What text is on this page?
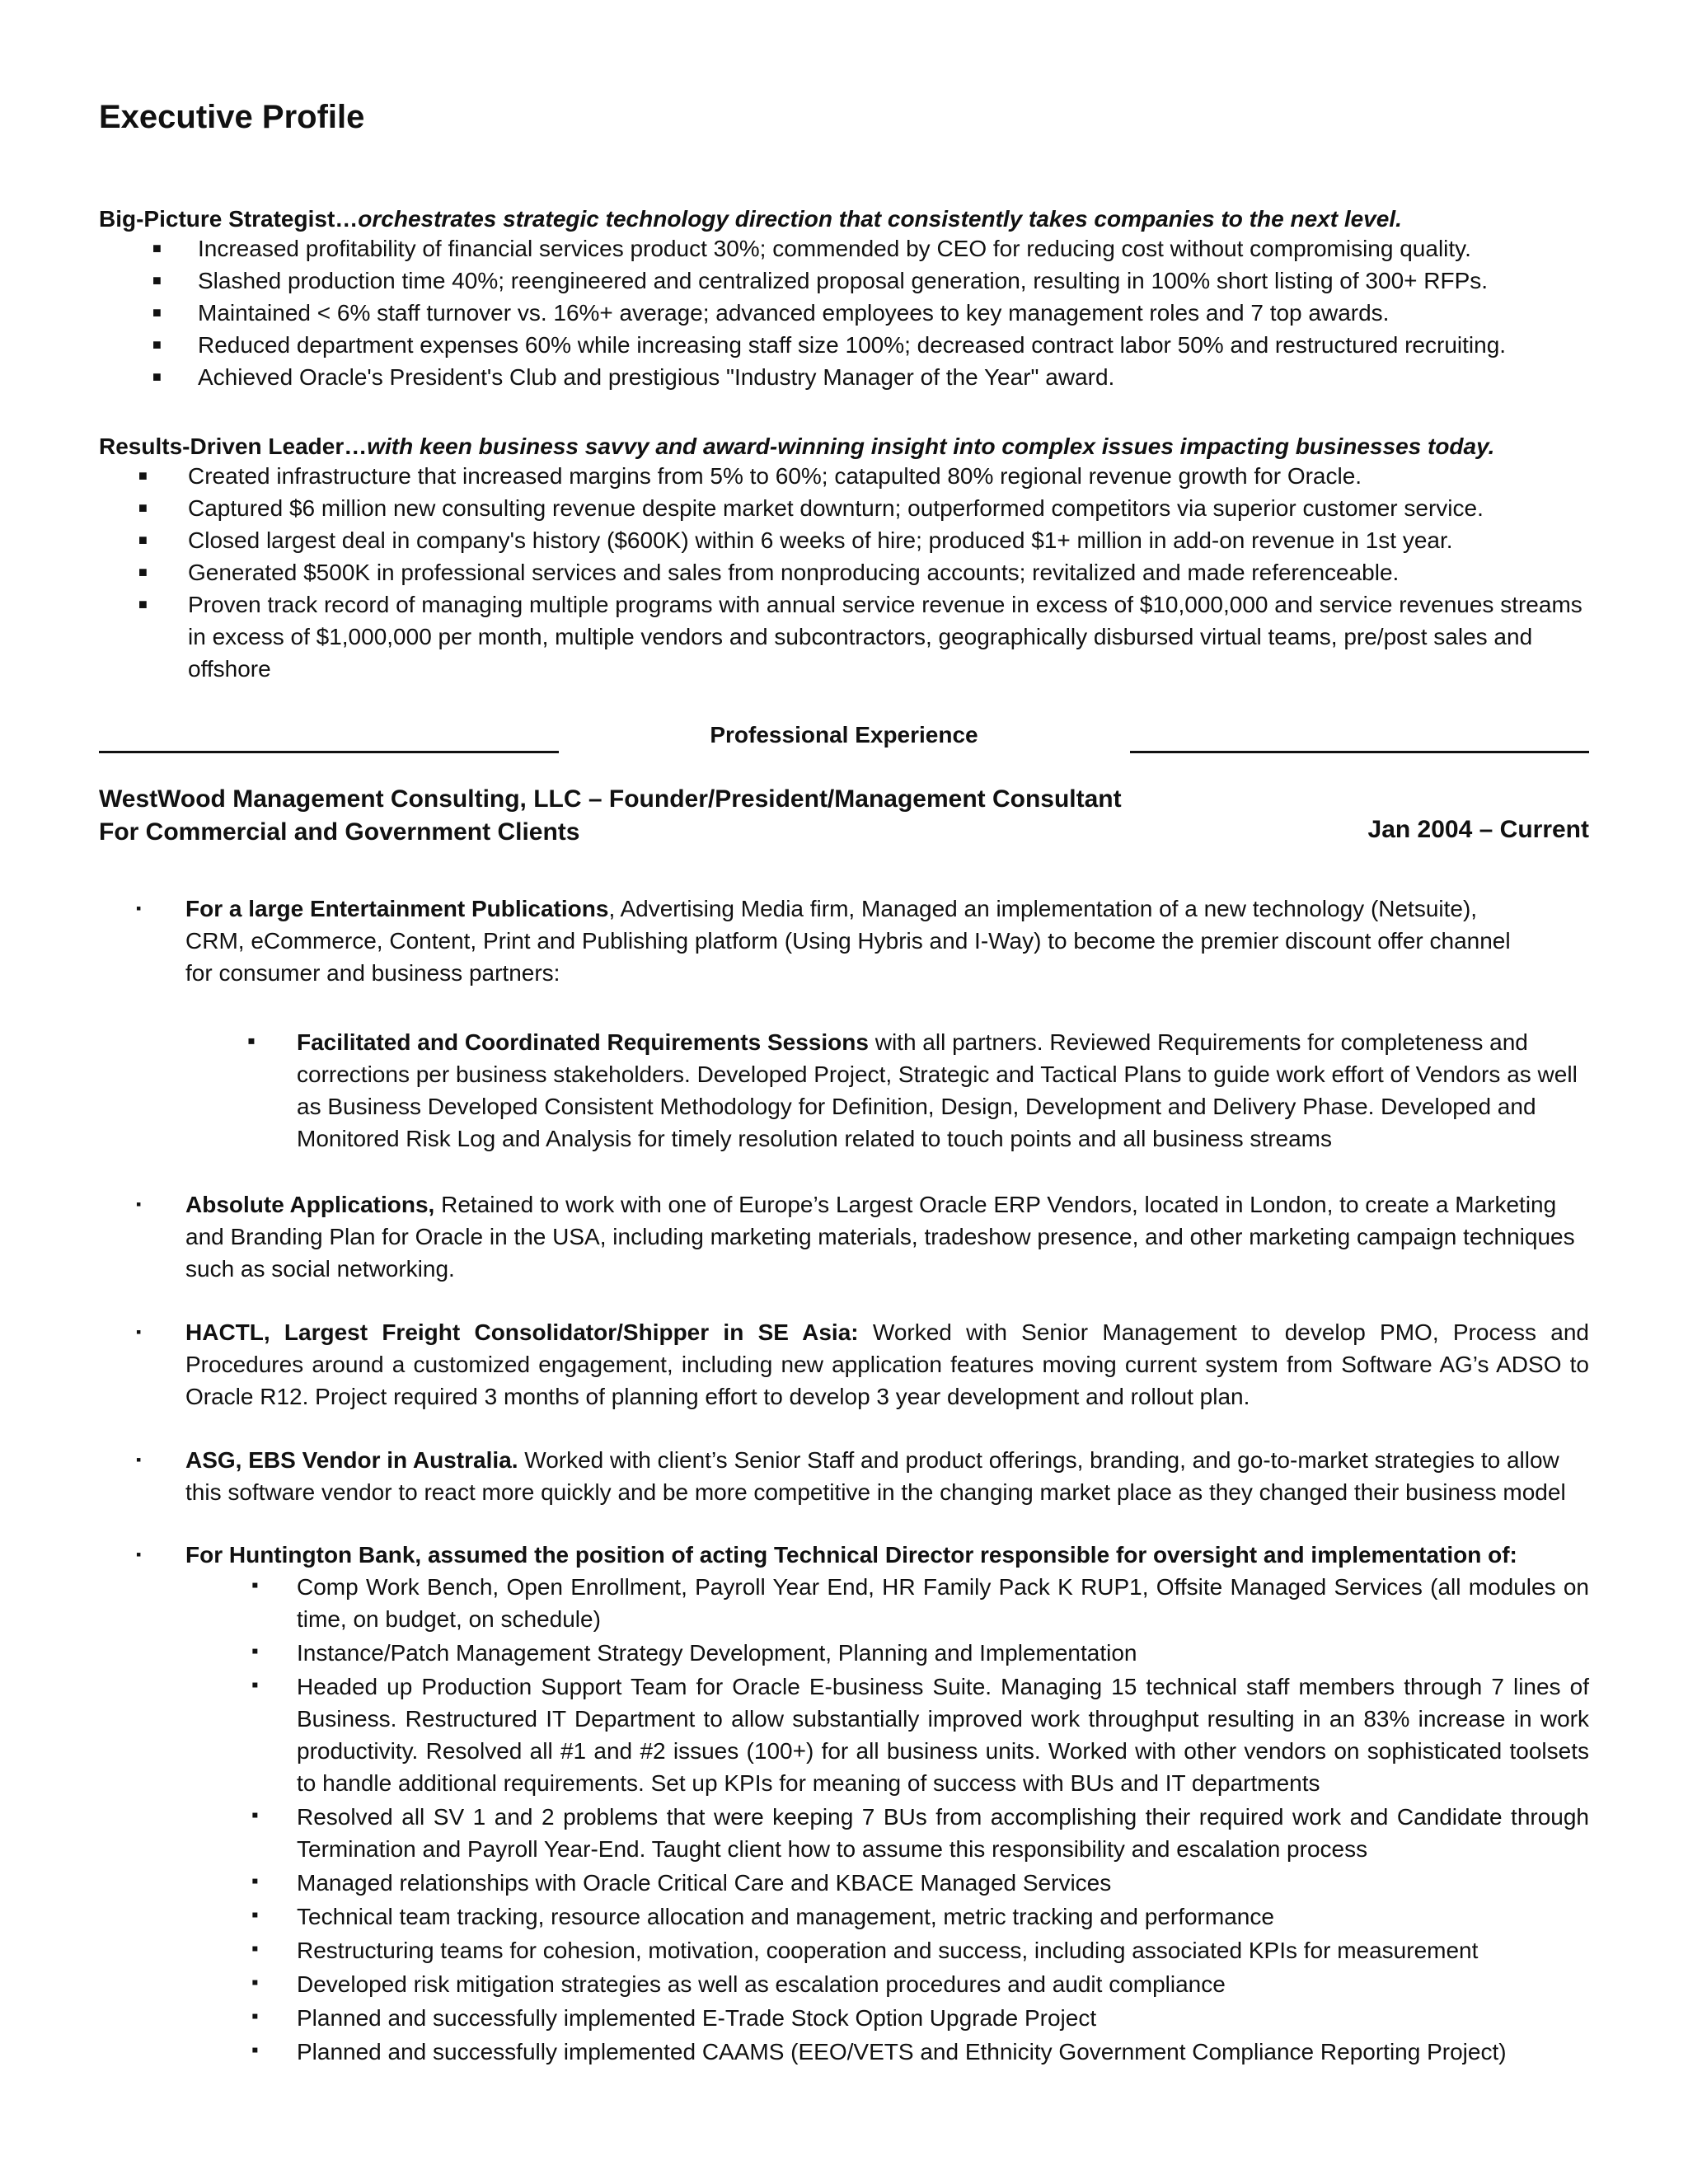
Executive Profile
Big-Picture Strategist…orchestrates strategic technology direction that consistently takes companies to the next level.
■ Increased profitability of financial services product 30%; commended by CEO for reducing cost without compromising quality.
■ Slashed production time 40%; reengineered and centralized proposal generation, resulting in 100% short listing of 300+ RFPs.
■ Maintained < 6% staff turnover vs. 16%+ average; advanced employees to key management roles and 7 top awards.
■ Reduced department expenses 60% while increasing staff size 100%; decreased contract labor 50% and restructured recruiting.
■ Achieved Oracle's President's Club and prestigious "Industry Manager of the Year" award.
Results-Driven Leader…with keen business savvy and award-winning insight into complex issues impacting businesses today.
■ Created infrastructure that increased margins from 5% to 60%; catapulted 80% regional revenue growth for Oracle.
■ Captured $6 million new consulting revenue despite market downturn; outperformed competitors via superior customer service.
■ Closed largest deal in company's history ($600K) within 6 weeks of hire; produced $1+ million in add-on revenue in 1st year.
■ Generated $500K in professional services and sales from nonproducing accounts; revitalized and made referenceable.
■ Proven track record of managing multiple programs with annual service revenue in excess of $10,000,000 and service revenues streams in excess of $1,000,000 per month, multiple vendors and subcontractors, geographically disbursed virtual teams, pre/post sales and offshore
Professional Experience
WestWood Management Consulting, LLC – Founder/President/Management Consultant
For Commercial and Government Clients	Jan 2004 – Current
▪ For a large Entertainment Publications, Advertising Media firm, Managed an implementation of a new technology (Netsuite), CRM, eCommerce, Content, Print and Publishing platform (Using Hybris and I-Way) to become the premier discount offer channel for consumer and business partners:
▪ Facilitated and Coordinated Requirements Sessions with all partners. Reviewed Requirements for completeness and corrections per business stakeholders. Developed Project, Strategic and Tactical Plans to guide work effort of Vendors as well as Business Developed Consistent Methodology for Definition, Design, Development and Delivery Phase. Developed and Monitored Risk Log and Analysis for timely resolution related to touch points and all business streams
▪ Absolute Applications, Retained to work with one of Europe’s Largest Oracle ERP Vendors, located in London, to create a Marketing and Branding Plan for Oracle in the USA, including marketing materials, tradeshow presence, and other marketing campaign techniques such as social networking.
▪ HACTL, Largest Freight Consolidator/Shipper in SE Asia: Worked with Senior Management to develop PMO, Process and Procedures around a customized engagement, including new application features moving current system from Software AG’s ADSO to Oracle R12. Project required 3 months of planning effort to develop 3 year development and rollout plan.
▪ ASG, EBS Vendor in Australia. Worked with client’s Senior Staff and product offerings, branding, and go-to-market strategies to allow this software vendor to react more quickly and be more competitive in the changing market place as they changed their business model
▪ For Huntington Bank, assumed the position of acting Technical Director responsible for oversight and implementation of:
▪ Comp Work Bench, Open Enrollment, Payroll Year End, HR Family Pack K RUP1, Offsite Managed Services (all modules on time, on budget, on schedule)
▪ Instance/Patch Management Strategy Development, Planning and Implementation
▪ Headed up Production Support Team for Oracle E-business Suite. Managing 15 technical staff members through 7 lines of Business. Restructured IT Department to allow substantially improved work throughput resulting in an 83% increase in work productivity. Resolved all #1 and #2 issues (100+) for all business units. Worked with other vendors on sophisticated toolsets to handle additional requirements. Set up KPIs for meaning of success with BUs and IT departments
▪ Resolved all SV 1 and 2 problems that were keeping 7 BUs from accomplishing their required work and Candidate through Termination and Payroll Year-End. Taught client how to assume this responsibility and escalation process
▪ Managed relationships with Oracle Critical Care and KBACE Managed Services
▪ Technical team tracking, resource allocation and management, metric tracking and performance
▪ Restructuring teams for cohesion, motivation, cooperation and success, including associated KPIs for measurement
▪ Developed risk mitigation strategies as well as escalation procedures and audit compliance
▪ Planned and successfully implemented E-Trade Stock Option Upgrade Project
▪ Planned and successfully implemented CAAMS (EEO/VETS and Ethnicity Government Compliance Reporting Project)
